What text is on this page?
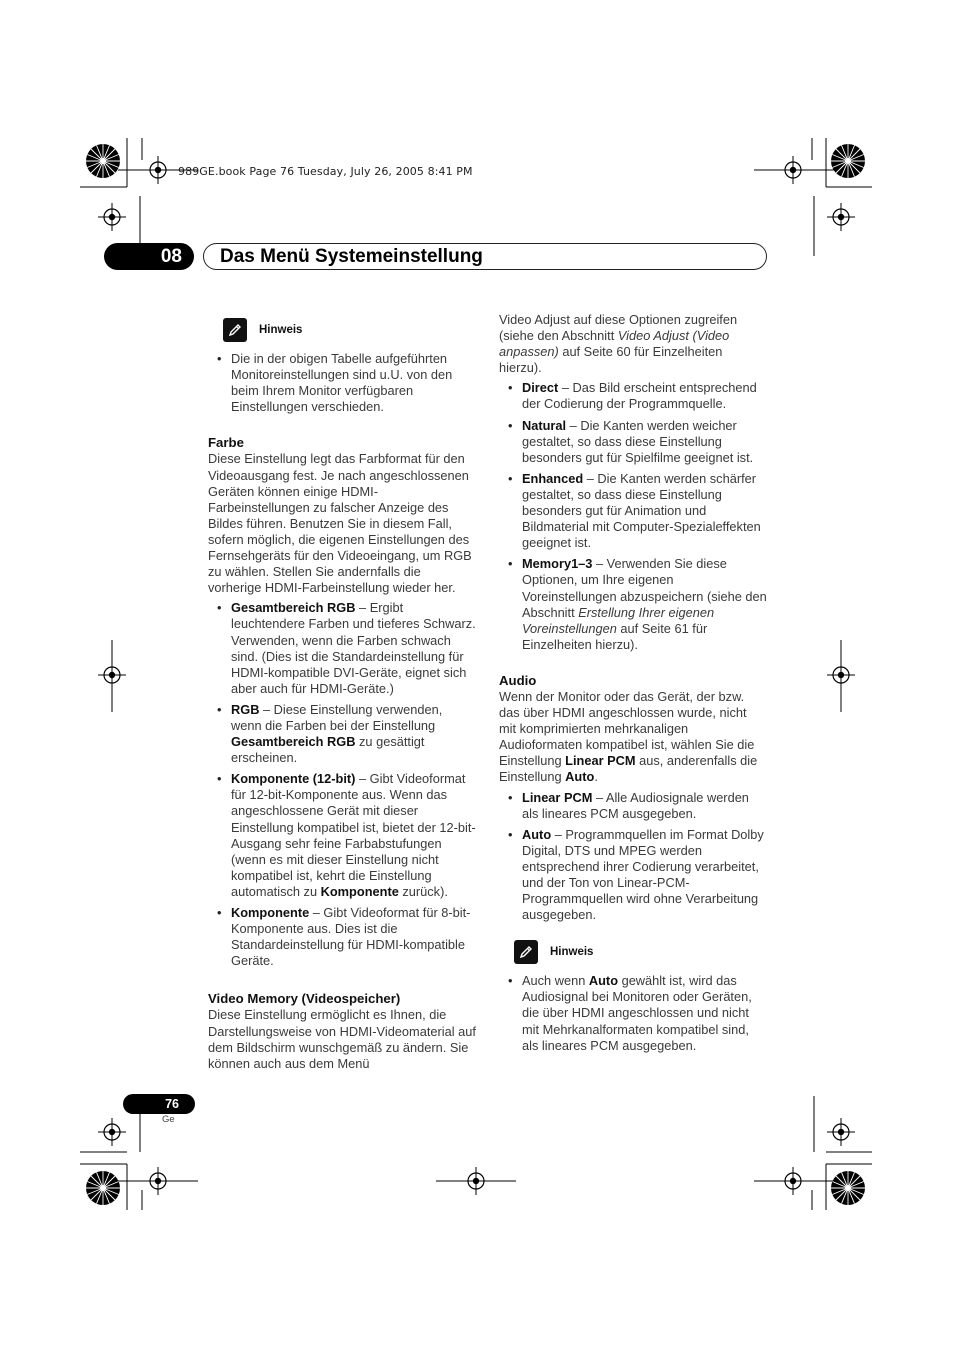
989GE.book Page 76 Tuesday, July 26, 2005 8:41 PM
08	Das Menü Systemeinstellung
Hinweis
• Die in der obigen Tabelle aufgeführten Monitoreinstellungen sind u.U. von den beim Ihrem Monitor verfügbaren Einstellungen verschieden.

Farbe

Diese Einstellung legt das Farbformat für den Videoausgang fest. Je nach angeschlossenen Geräten können einige HDMI-Farbeinstellungen zu falscher Anzeige des Bildes führen. Benutzen Sie in diesem Fall, sofern möglich, die eigenen Einstellungen des Fernsehgeräts für den Videoeingang, um RGB zu wählen. Stellen Sie andernfalls die vorherige HDMI-Farbeinstellung wieder her.

• Gesamtbereich RGB – Ergibt leuchtendere Farben und tieferes Schwarz. Verwenden, wenn die Farben schwach sind. (Dies ist die Standardeinstellung für HDMI-kompatible DVI-Geräte, eignet sich aber auch für HDMI-Geräte.)
• RGB – Diese Einstellung verwenden, wenn die Farben bei der Einstellung Gesamtbereich RGB zu gesättigt erscheinen.
• Komponente (12-bit) – Gibt Videoformat für 12-bit-Komponente aus. Wenn das angeschlossene Gerät mit dieser Einstellung kompatibel ist, bietet der 12-bit-Ausgang sehr feine Farbabstufungen (wenn es mit dieser Einstellung nicht kompatibel ist, kehrt die Einstellung automatisch zu Komponente zurück).
• Komponente – Gibt Videoformat für 8-bit-Komponente aus. Dies ist die Standardeinstellung für HDMI-kompatible Geräte.

Video Memory (Videospeicher)

Diese Einstellung ermöglicht es Ihnen, die Darstellungsweise von HDMI-Videomaterial auf dem Bildschirm wunschgemäß zu ändern. Sie können auch aus dem Menü

Video Adjust auf diese Optionen zugreifen (siehe den Abschnitt Video Adjust (Video anpassen) auf Seite 60 für Einzelheiten hierzu).

• Direct – Das Bild erscheint entsprechend der Codierung der Programmquelle.
• Natural – Die Kanten werden weicher gestaltet, so dass diese Einstellung besonders gut für Spielfilme geeignet ist.
• Enhanced – Die Kanten werden schärfer gestaltet, so dass diese Einstellung besonders gut für Animation und Bildmaterial mit Computer-Spezialeffekten geeignet ist.
• Memory1–3 – Verwenden Sie diese Optionen, um Ihre eigenen Voreinstellungen abzuspeichern (siehe den Abschnitt Erstellung Ihrer eigenen Voreinstellungen auf Seite 61 für Einzelheiten hierzu).

Audio

Wenn der Monitor oder das Gerät, der bzw. das über HDMI angeschlossen wurde, nicht mit komprimierten mehrkanaligen Audioformaten kompatibel ist, wählen Sie die Einstellung Linear PCM aus, anderenfalls die Einstellung Auto.

• Linear PCM – Alle Audiosignale werden als lineares PCM ausgegeben.
• Auto – Programmquellen im Format Dolby Digital, DTS und MPEG werden entsprechend ihrer Codierung verarbeitet, und der Ton von Linear-PCM-Programmquellen wird ohne Verarbeitung ausgegeben.
Hinweis
• Auch wenn Auto gewählt ist, wird das Audiosignal bei Monitoren oder Geräten, die über HDMI angeschlossen und nicht mit Mehrkanalformaten kompatibel sind, als lineares PCM ausgegeben.
76
Ge
